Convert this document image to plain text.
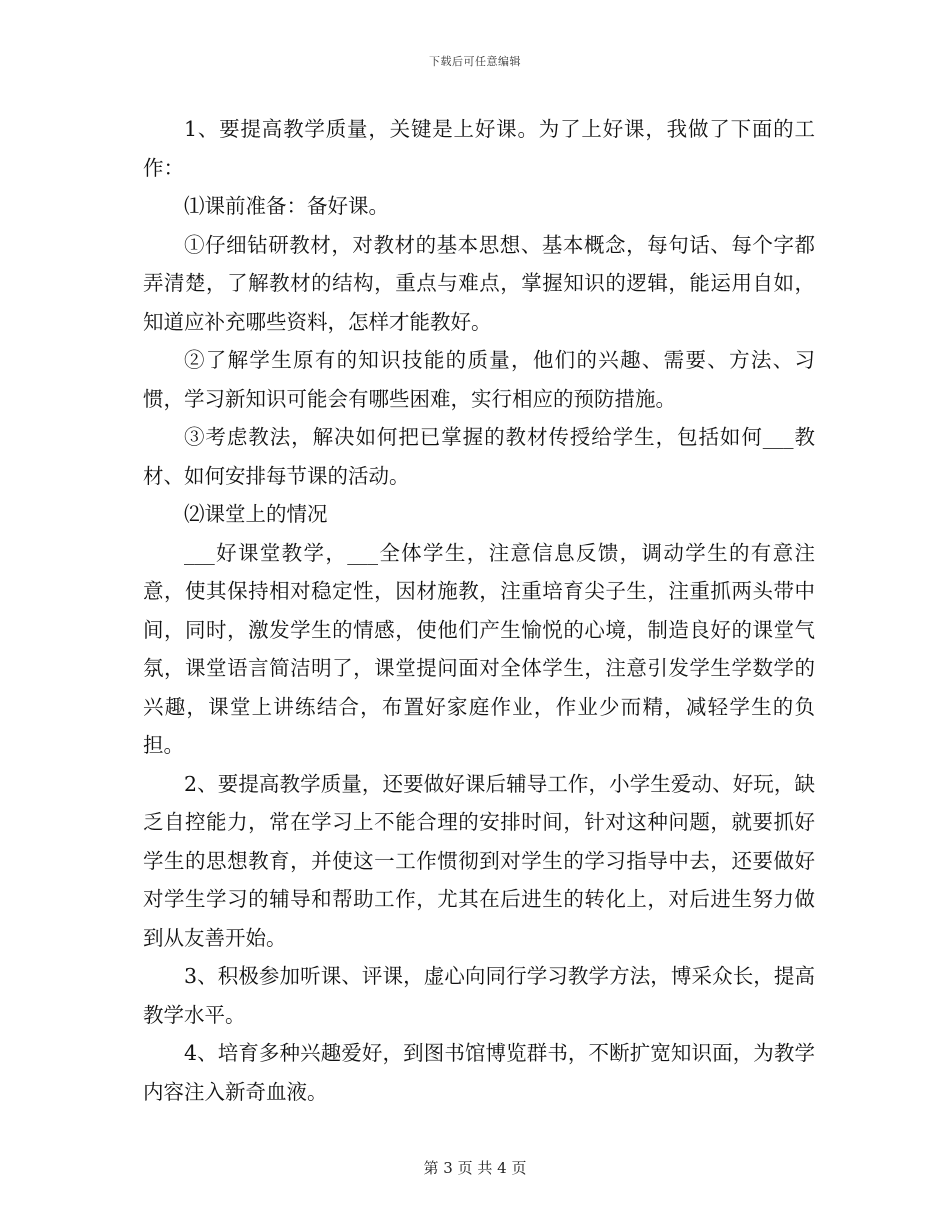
下载后可任意编辑

1、要提高教学质量，关键是上好课。为了上好课，我做了下面的工作：

⑴课前准备：备好课。

①仔细钻研教材，对教材的基本思想、基本概念，每句话、每个字都弄清楚，了解教材的结构，重点与难点，掌握知识的逻辑，能运用自如，知道应补充哪些资料，怎样才能教好。

②了解学生原有的知识技能的质量，他们的兴趣、需要、方法、习惯，学习新知识可能会有哪些困难，实行相应的预防措施。

③考虑教法，解决如何把已掌握的教材传授给学生，包括如何___教材、如何安排每节课的活动。

⑵课堂上的情况

___好课堂教学，___全体学生，注意信息反馈，调动学生的有意注意，使其保持相对稳定性，因材施教，注重培育尖子生，注重抓两头带中间，同时，激发学生的情感，使他们产生愉悦的心境，制造良好的课堂气氛，课堂语言简洁明了，课堂提问面对全体学生，注意引发学生学数学的兴趣，课堂上讲练结合，布置好家庭作业，作业少而精，减轻学生的负担。

2、要提高教学质量，还要做好课后辅导工作，小学生爱动、好玩，缺乏自控能力，常在学习上不能合理的安排时间，针对这种问题，就要抓好学生的思想教育，并使这一工作惯彻到对学生的学习指导中去，还要做好对学生学习的辅导和帮助工作，尤其在后进生的转化上，对后进生努力做到从友善开始。

3、积极参加听课、评课，虚心向同行学习教学方法，博采众长，提高教学水平。

4、培育多种兴趣爱好，到图书馆博览群书，不断扩宽知识面，为教学内容注入新奇血液。

第 3 页 共 4 页
